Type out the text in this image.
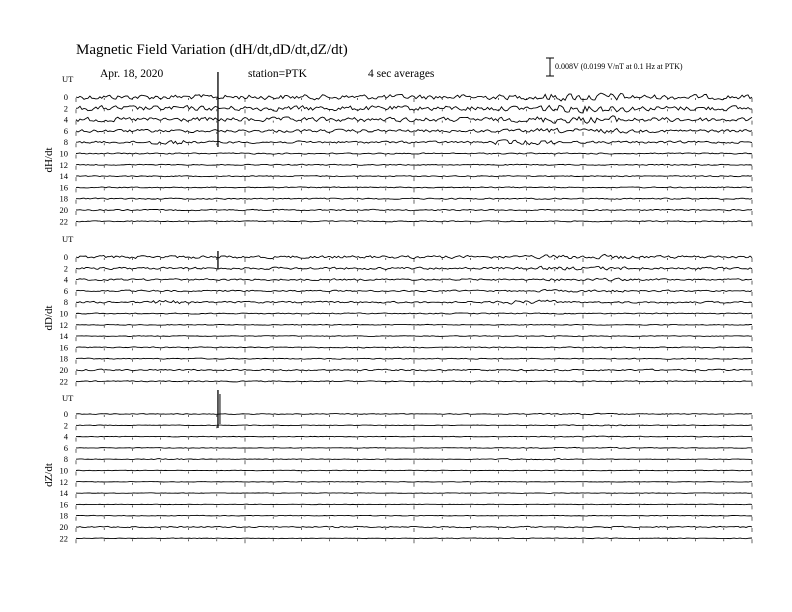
Magnetic Field Variation (dH/dt,dD/dt,dZ/dt)
Apr. 18, 2020	station=PTK	4 sec averages
0.008V (0.0199 V/nT at 0.1 Hz at PTK)
UT
dH/dt
0
2
4
6
8
10
12
14
16
18
20
22
UT
dD/dt
0
2
4
6
8
10
12
14
16
18
20
22
UT
dZ/dt
0
2
4
6
8
10
12
14
16
18
20
22
